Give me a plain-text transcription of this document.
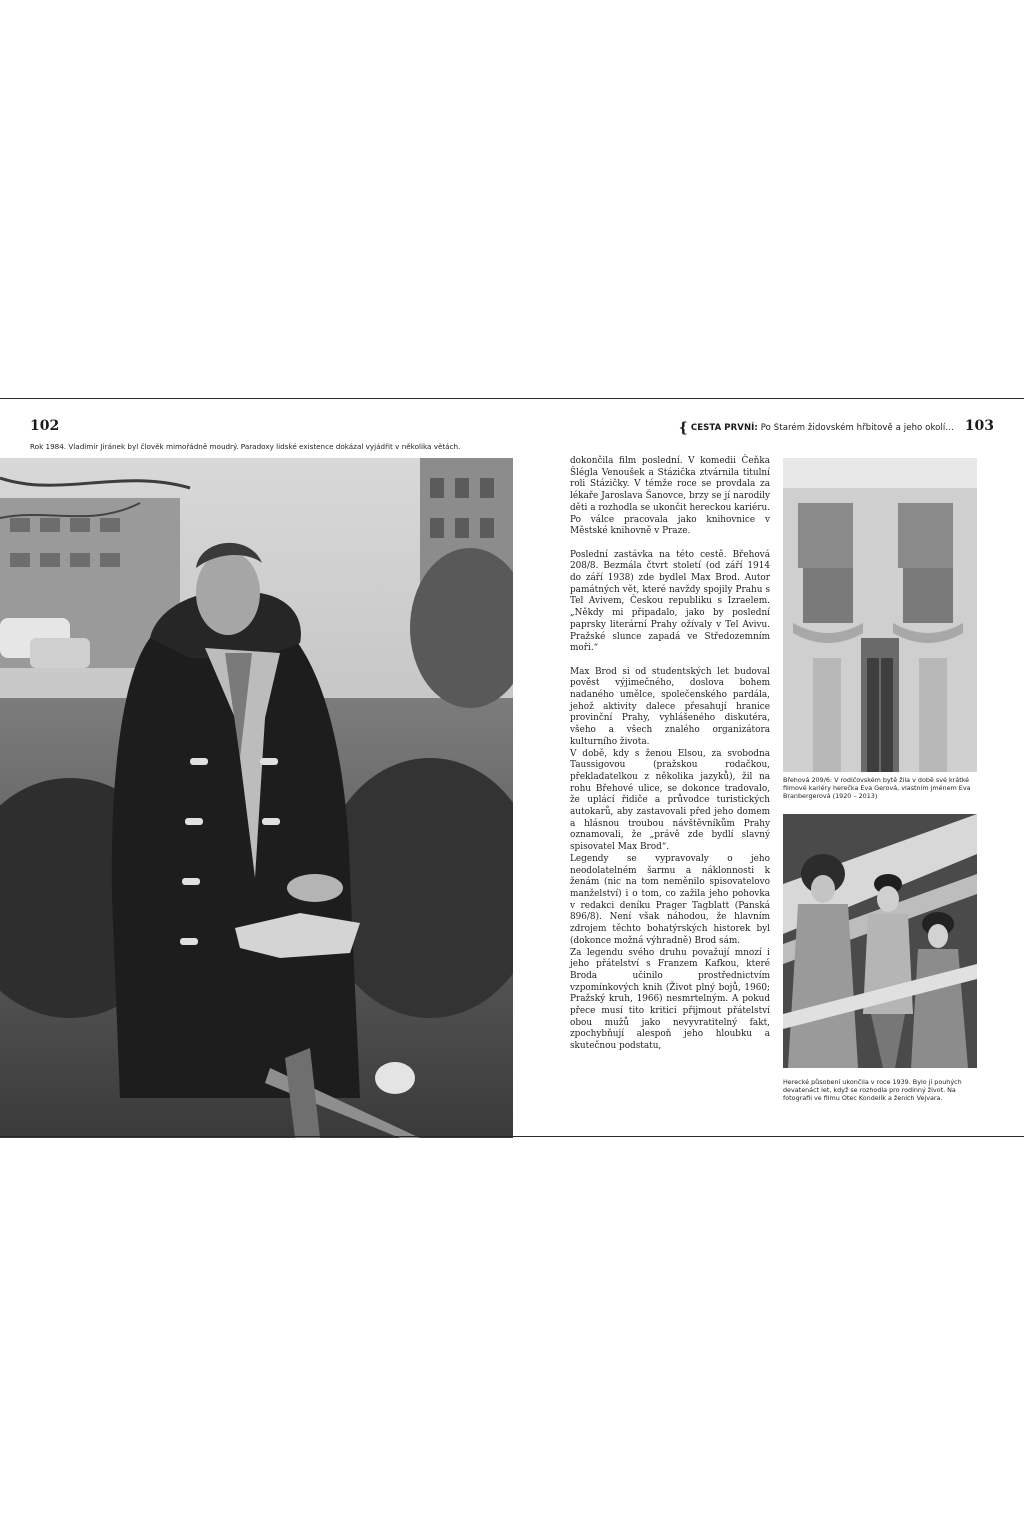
102
Rok 1984. Vladimír Jiránek byl člověk mimořádně moudrý. Paradoxy lidské existence dokázal vyjádřit v několika větách.
{ CESTA PRVNÍ: Po Starém židovském hřbitově a jeho okolí… 103

dokončila film poslední. V komedii Čeňka Šlégla Venoušek a Stázička ztvárnila titulní roli Stázičky. V témže roce se provdala za lékaře Jaroslava Šanovce, brzy se jí narodily děti a rozhodla se ukončit hereckou kariéru. Po válce pracovala jako knihovnice v Městské knihovně v Praze.

Poslední zastávka na této cestě. Břehová 208/8. Bezmála čtvrt století (od září 1914 do září 1938) zde bydlel Max Brod. Autor památných vět, které navždy spojily Prahu s Tel Avivem, Českou republiku s Izraelem. „Někdy mi připadalo, jako by poslední paprsky literární Prahy ožívaly v Tel Avivu. Pražské slunce zapadá ve Středozemním moři.“

Max Brod si od studentských let budoval pověst výjimečného, doslova bohem nadaného umělce, společenského pardála, jehož aktivity dalece přesahují hranice provinční Prahy, vyhlášeného diskutéra, všeho a všech znalého organizátora kulturního života.

V době, kdy s ženou Elsou, za svobodna Taussigovou (pražskou rodačkou, překladatelkou z několika jazyků), žil na rohu Břehové ulice, se dokonce tradovalo, že uplácí řidiče a průvodce turistických autokarů, aby zastavovali před jeho domem a hlásnou troubou návštěvníkům Prahy oznamovali, že „právě zde bydlí slavný spisovatel Max Brod“.

Legendy se vypravovaly o jeho neodolatelném šarmu a náklonnosti k ženám (nic na tom neměnilo spisovatelovo manželství) i o tom, co zažila jeho pohovka v redakci deníku Prager Tagblatt (Panská 896/8). Není však náhodou, že hlavním zdrojem těchto bohatýrských historek byl (dokonce možná výhradně) Brod sám.

Za legendu svého druhu považují mnozí i jeho přátelství s Franzem Kafkou, které Broda učinilo prostřednictvím vzpomínkových knih (Život plný bojů, 1960; Pražský kruh, 1966) nesmrtelným. A pokud přece musí tito kritici přijmout přátelství obou mužů jako nevyvratitelný fakt, zpochybňují alespoň jeho hloubku a skutečnou podstatu,

Břehová 209/6: V rodičovském bytě žila v době své krátké filmové kariéry herečka Eva Gerová, vlastním jménem Eva Branbergerová (1920 – 2013)
Herecké působení ukončila v roce 1939. Bylo jí pouhých devatenáct let, když se rozhodla pro rodinný život. Na fotografii ve filmu Otec Kondelík a ženich Vejvara.
